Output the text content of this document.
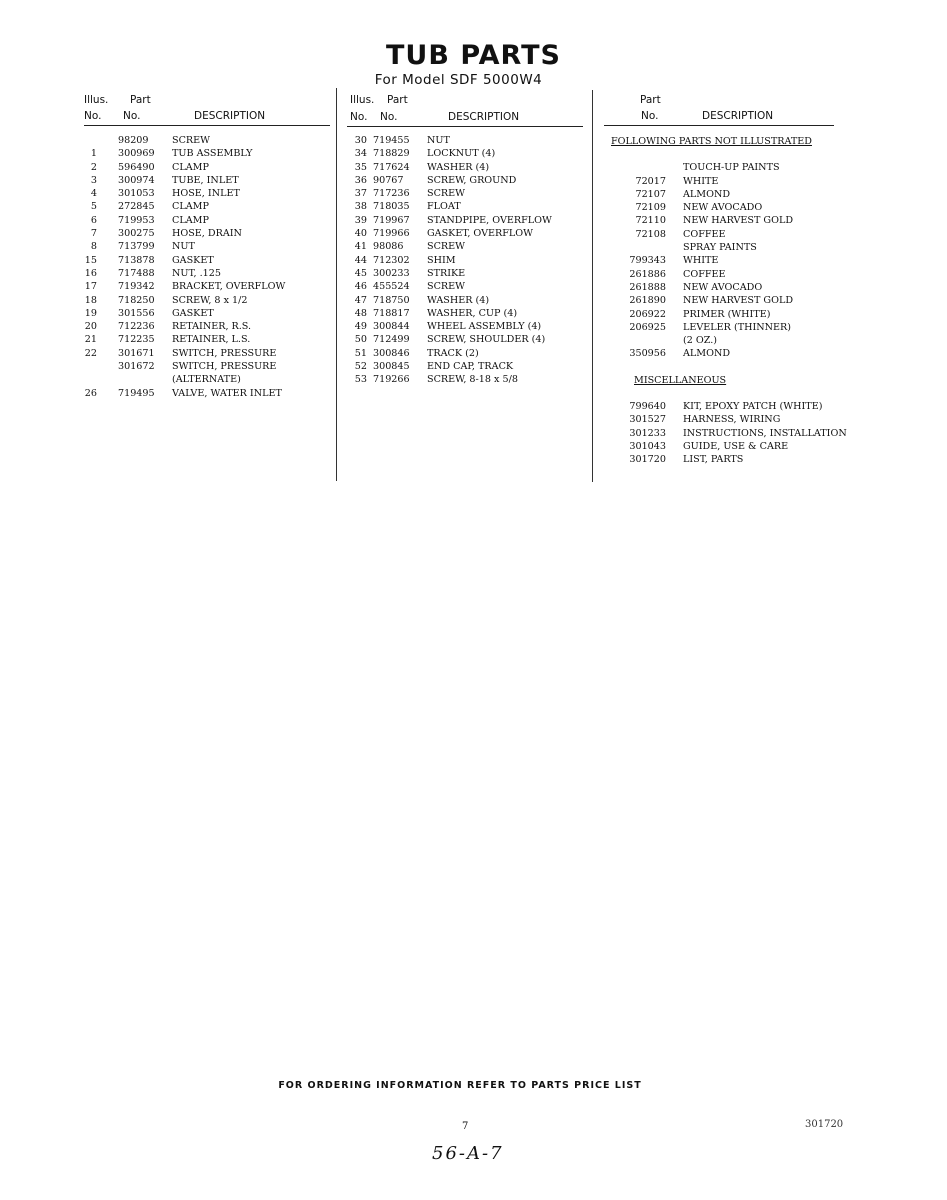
TUB PARTS
For Model SDF 5000W4
Illus. Part
No. No.	DESCRIPTION
98209 SCREW
1 300969 TUB ASSEMBLY
2 596490 CLAMP
3 300974 TUBE, INLET
4 301053 HOSE, INLET
5 272845 CLAMP
6 719953 CLAMP
7 300275 HOSE, DRAIN
8 713799 NUT
15 713878 GASKET
16 717488 NUT, .125
17 719342 BRACKET, OVERFLOW
18 718250 SCREW, 8 x 1/2
19 301556 GASKET
20 712236 RETAINER, R.S.
21 712235 RETAINER, L.S.
22 301671 SWITCH, PRESSURE
301672 SWITCH, PRESSURE
(ALTERNATE)
26 719495 VALVE, WATER INLET
Illus. Part
No. No.	DESCRIPTION
30 719455 NUT
34 718829 LOCKNUT (4)
35 717624 WASHER (4)
36 90767 SCREW, GROUND
37 717236 SCREW
38 718035 FLOAT
39 719967 STANDPIPE, OVERFLOW
40 719966 GASKET, OVERFLOW
41 98086 SCREW
44 712302 SHIM
45 300233 STRIKE
46 455524 SCREW
47 718750 WASHER (4)
48 718817 WASHER, CUP (4)
49 300844 WHEEL ASSEMBLY (4)
50 712499 SCREW, SHOULDER (4)
51 300846 TRACK (2)
52 300845 END CAP, TRACK
53 719266 SCREW, 8-18 x 5/8
Part
No.	DESCRIPTION
FOLLOWING PARTS NOT ILLUSTRATED
TOUCH-UP PAINTS
72017 WHITE
72107 ALMOND
72109 NEW AVOCADO
72110 NEW HARVEST GOLD
72108 COFFEE
SPRAY PAINTS
799343 WHITE
261886 COFFEE
261888 NEW AVOCADO
261890 NEW HARVEST GOLD
206922 PRIMER (WHITE)
206925 LEVELER (THINNER)
(2 OZ.)
350956 ALMOND
MISCELLANEOUS
799640 KIT, EPOXY PATCH (WHITE)
301527 HARNESS, WIRING
301233 INSTRUCTIONS, INSTALLATION
301043 GUIDE, USE & CARE
301720 LIST, PARTS
FOR ORDERING INFORMATION REFER TO PARTS PRICE LIST
7	301720
56-A-7
